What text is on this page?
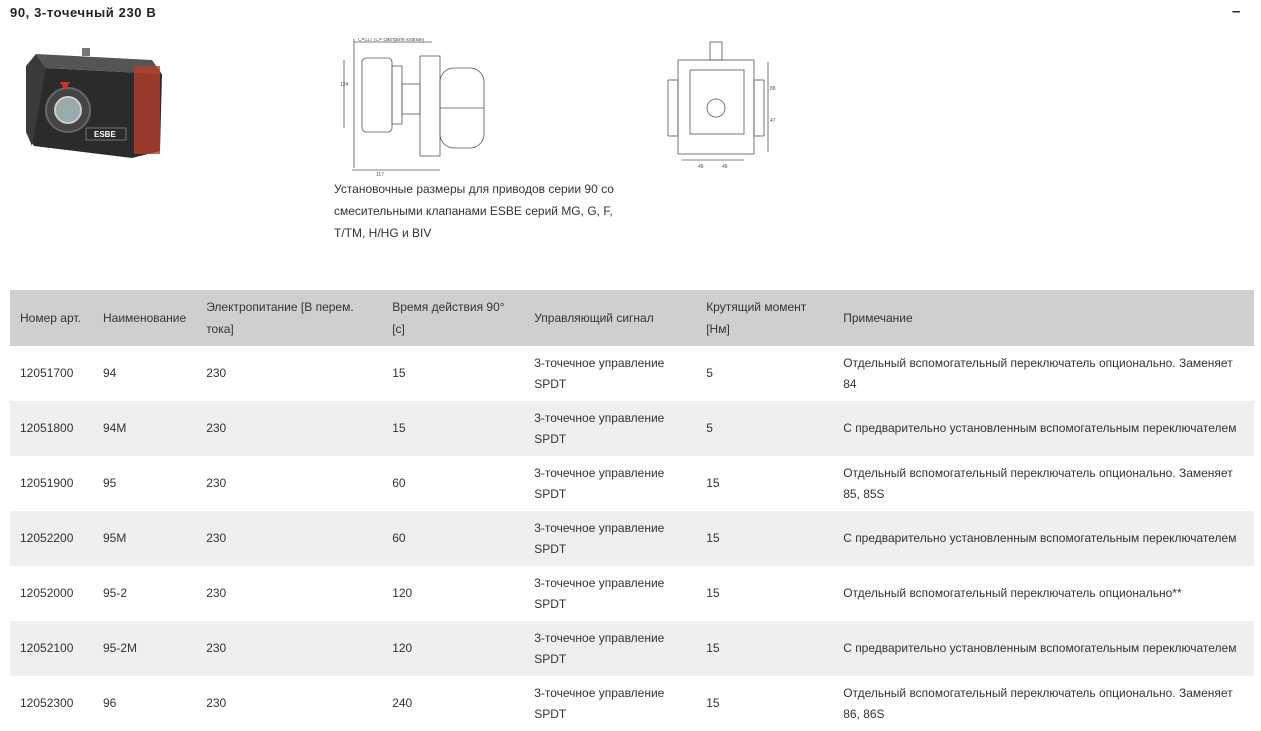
90, 3-точечный 230 В	–
ESBE
C=117 (C= смотрите клапан)
124
117
88
47
48	48
Установочные размеры для приводов серии 90 со смесительными клапанами ESBE серий MG, G, F, T/TM, H/HG и BIV
Номер арт.	Наименование	Электропитание [В перем. тока]	Время действия 90° [с]	Управляющий сигнал	Крутящий момент [Нм]	Примечание
12051700	94	230	15	3-точечное управление SPDT	5	Отдельный вспомогательный переключатель опционально. Заменяет 84
12051800	94M	230	15	3-точечное управление SPDT	5	С предварительно установленным вспомогательным переключателем
12051900	95	230	60	3-точечное управление SPDT	15	Отдельный вспомогательный переключатель опционально. Заменяет 85, 85S
12052200	95M	230	60	3-точечное управление SPDT	15	С предварительно установленным вспомогательным переключателем
12052000	95-2	230	120	3-точечное управление SPDT	15	Отдельный вспомогательный переключатель опционально**
12052100	95-2M	230	120	3-точечное управление SPDT	15	С предварительно установленным вспомогательным переключателем
12052300	96	230	240	3-точечное управление SPDT	15	Отдельный вспомогательный переключатель опционально. Заменяет 86, 86S
